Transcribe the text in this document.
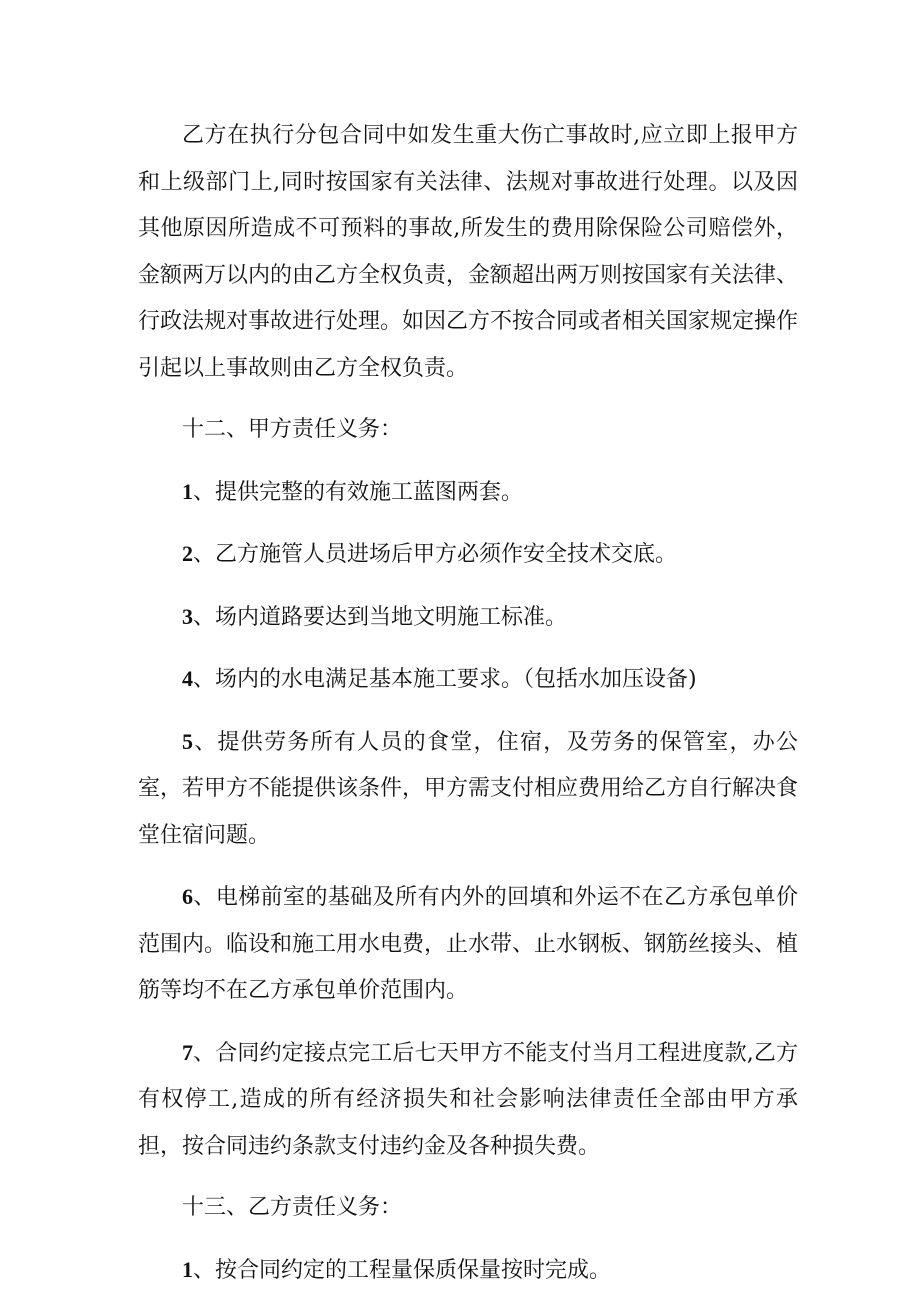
乙方在执行分包合同中如发生重大伤亡事故时,应立即上报甲方和上级部门上,同时按国家有关法律、法规对事故进行处理。以及因其他原因所造成不可预料的事故,所发生的费用除保险公司赔偿外，金额两万以内的由乙方全权负责，金额超出两万则按国家有关法律、行政法规对事故进行处理。如因乙方不按合同或者相关国家规定操作引起以上事故则由乙方全权负责。

十二、甲方责任义务：

1、提供完整的有效施工蓝图两套。

2、乙方施管人员进场后甲方必须作安全技术交底。

3、场内道路要达到当地文明施工标准。

4、场内的水电满足基本施工要求。（包括水加压设备)

5、提供劳务所有人员的食堂，住宿，及劳务的保管室，办公室，若甲方不能提供该条件，甲方需支付相应费用给乙方自行解决食堂住宿问题。

6、电梯前室的基础及所有内外的回填和外运不在乙方承包单价范围内。临设和施工用水电费，止水带、止水钢板、钢筋丝接头、植筋等均不在乙方承包单价范围内。

7、合同约定接点完工后七天甲方不能支付当月工程进度款,乙方有权停工,造成的所有经济损失和社会影响法律责任全部由甲方承担，按合同违约条款支付违约金及各种损失费。

十三、乙方责任义务：

1、按合同约定的工程量保质保量按时完成。
